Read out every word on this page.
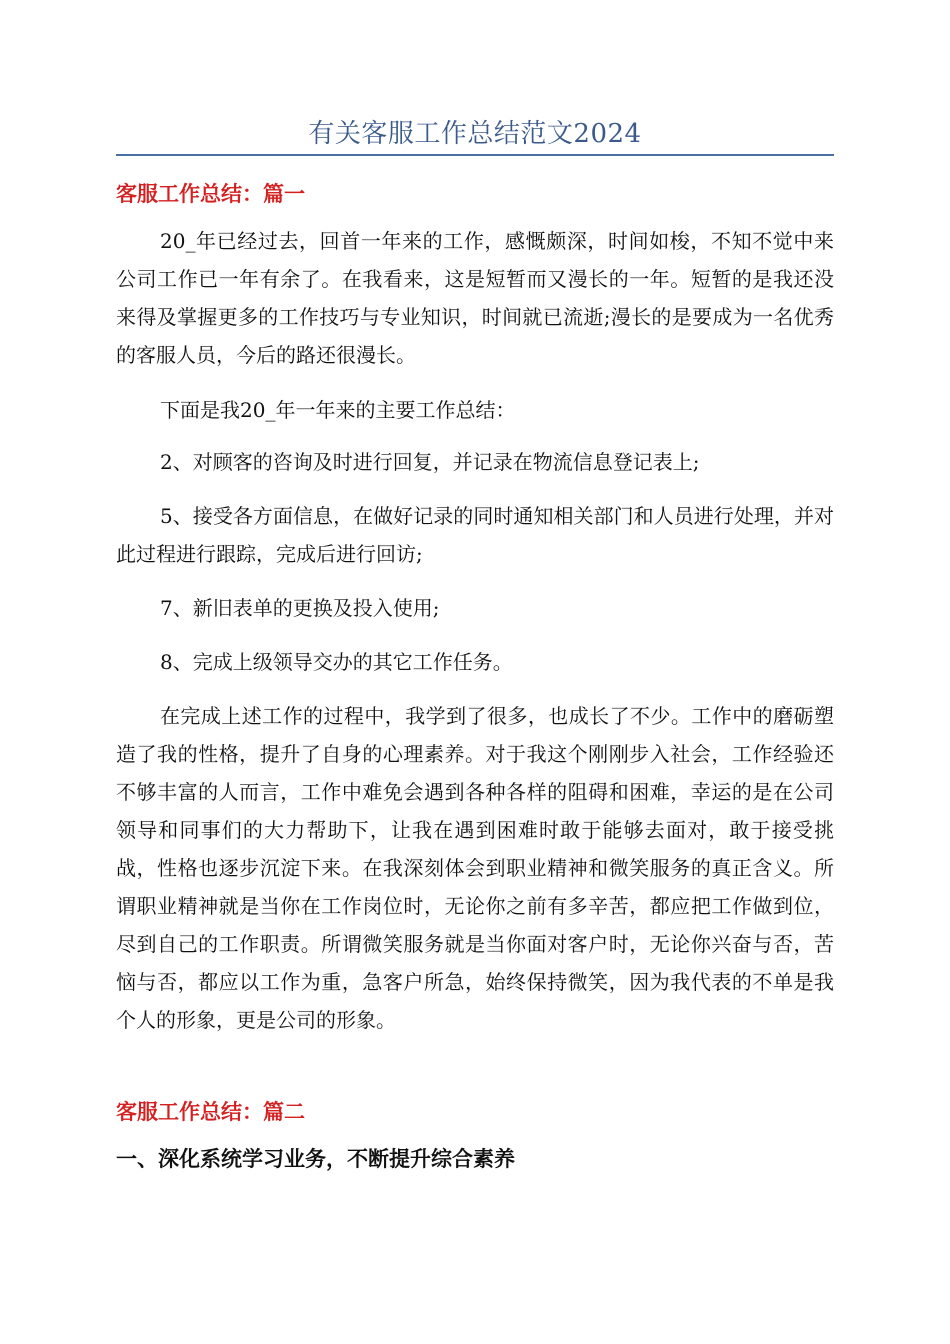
有关客服工作总结范文2024
客服工作总结：篇一

20_年已经过去，回首一年来的工作，感慨颇深，时间如梭，不知不觉中来公司工作已一年有余了。在我看来，这是短暂而又漫长的一年。短暂的是我还没来得及掌握更多的工作技巧与专业知识，时间就已流逝;漫长的是要成为一名优秀的客服人员，今后的路还很漫长。

下面是我20_年一年来的主要工作总结：

2、对顾客的咨询及时进行回复，并记录在物流信息登记表上;

5、接受各方面信息，在做好记录的同时通知相关部门和人员进行处理，并对此过程进行跟踪，完成后进行回访;

7、新旧表单的更换及投入使用;

8、完成上级领导交办的其它工作任务。

在完成上述工作的过程中，我学到了很多，也成长了不少。工作中的磨砺塑造了我的性格，提升了自身的心理素养。对于我这个刚刚步入社会，工作经验还不够丰富的人而言，工作中难免会遇到各种各样的阻碍和困难，幸运的是在公司领导和同事们的大力帮助下，让我在遇到困难时敢于能够去面对，敢于接受挑战，性格也逐步沉淀下来。在我深刻体会到职业精神和微笑服务的真正含义。所谓职业精神就是当你在工作岗位时，无论你之前有多辛苦，都应把工作做到位，尽到自己的工作职责。所谓微笑服务就是当你面对客户时，无论你兴奋与否，苦恼与否，都应以工作为重，急客户所急，始终保持微笑，因为我代表的不单是我个人的形象，更是公司的形象。

客服工作总结：篇二
一、深化系统学习业务，不断提升综合素养
